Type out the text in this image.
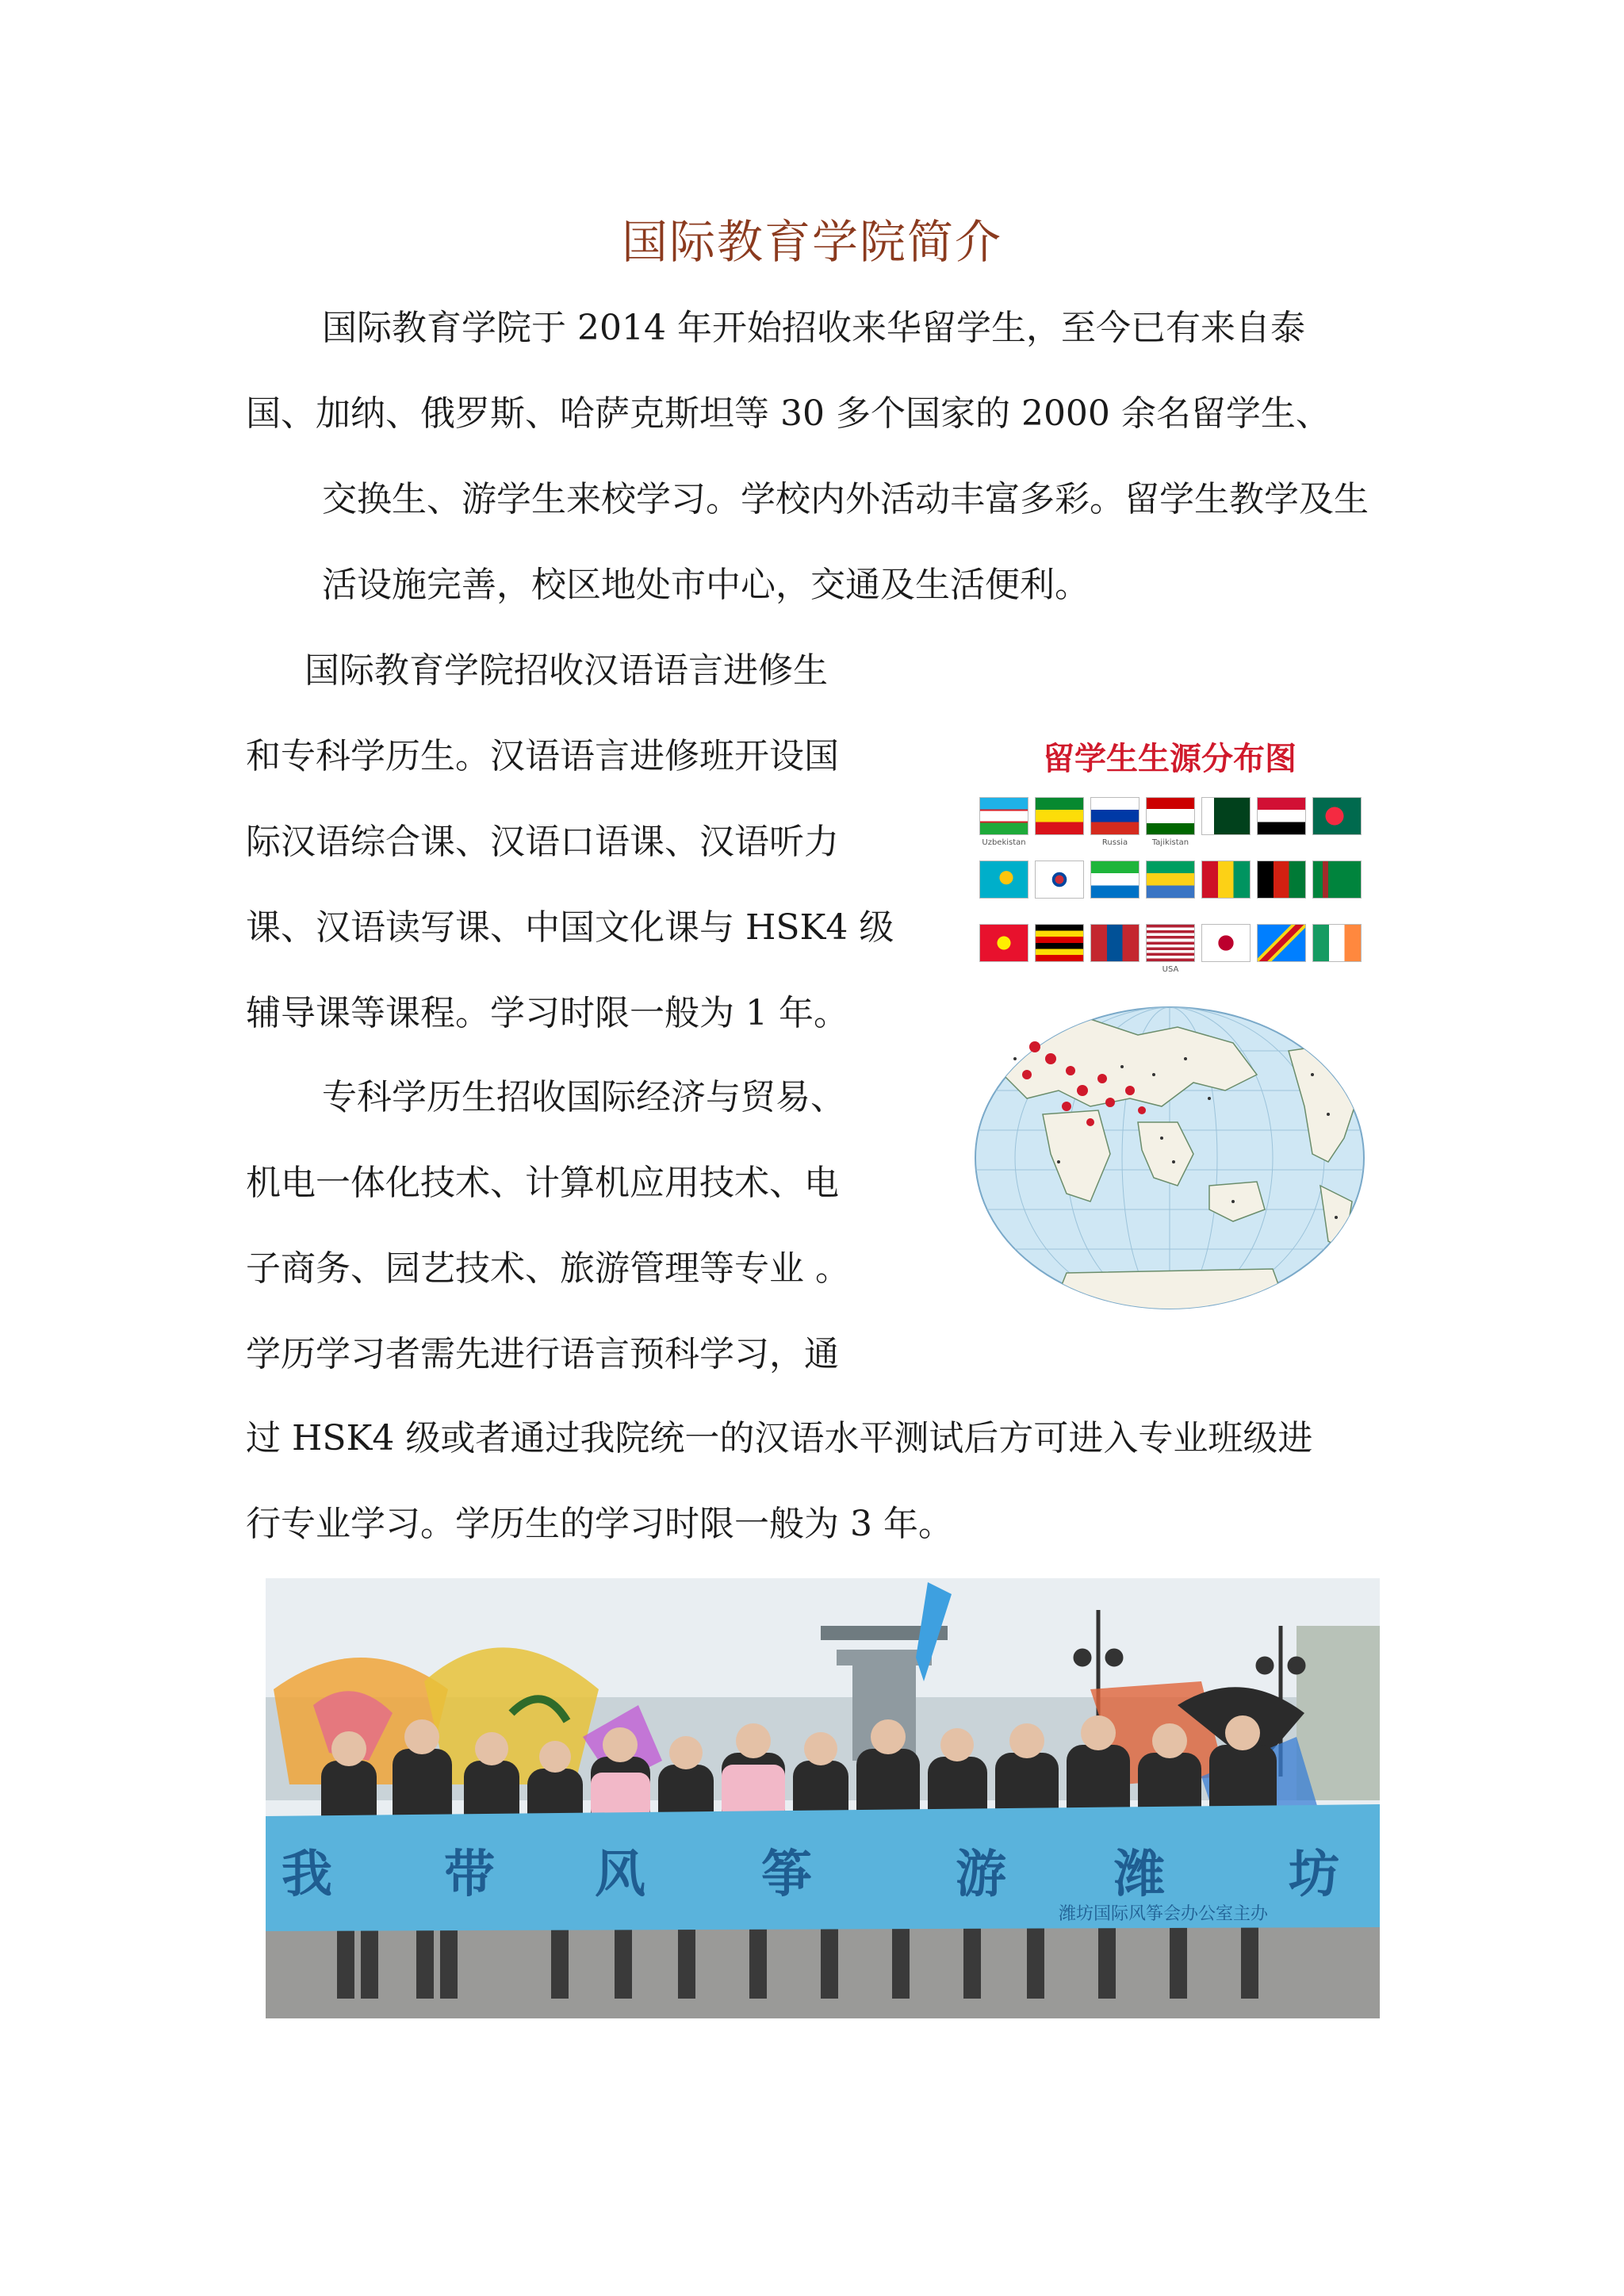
国际教育学院简介

国际教育学院于 2014 年开始招收来华留学生，至今已有来自泰
国、加纳、俄罗斯、哈萨克斯坦等 30 多个国家的 2000 余名留学生、
交换生、游学生来校学习。学校内外活动丰富多彩。留学生教学及生
活设施完善，校区地处市中心，交通及生活便利。

国际教育学院招收汉语语言进修生
和专科学历生。汉语语言进修班开设国
际汉语综合课、汉语口语课、汉语听力
课、汉语读写课、中国文化课与 HSK4 级
辅导课等课程。学习时限一般为 1 年。

专科学历生招收国际经济与贸易、
机电一体化技术、计算机应用技术、电
子商务、园艺技术、旅游管理等专业 。
学历学习者需先进行语言预科学习，通

过 HSK4 级或者通过我院统一的汉语水平测试后方可进入专业班级进
行专业学习。学历生的学习时限一般为 3 年。

留学生生源分布图
Uzbekistan	Russia	Tajikistan
USA
我 带 风 筝	游 潍 坊
潍坊国际风筝会办公室主办
